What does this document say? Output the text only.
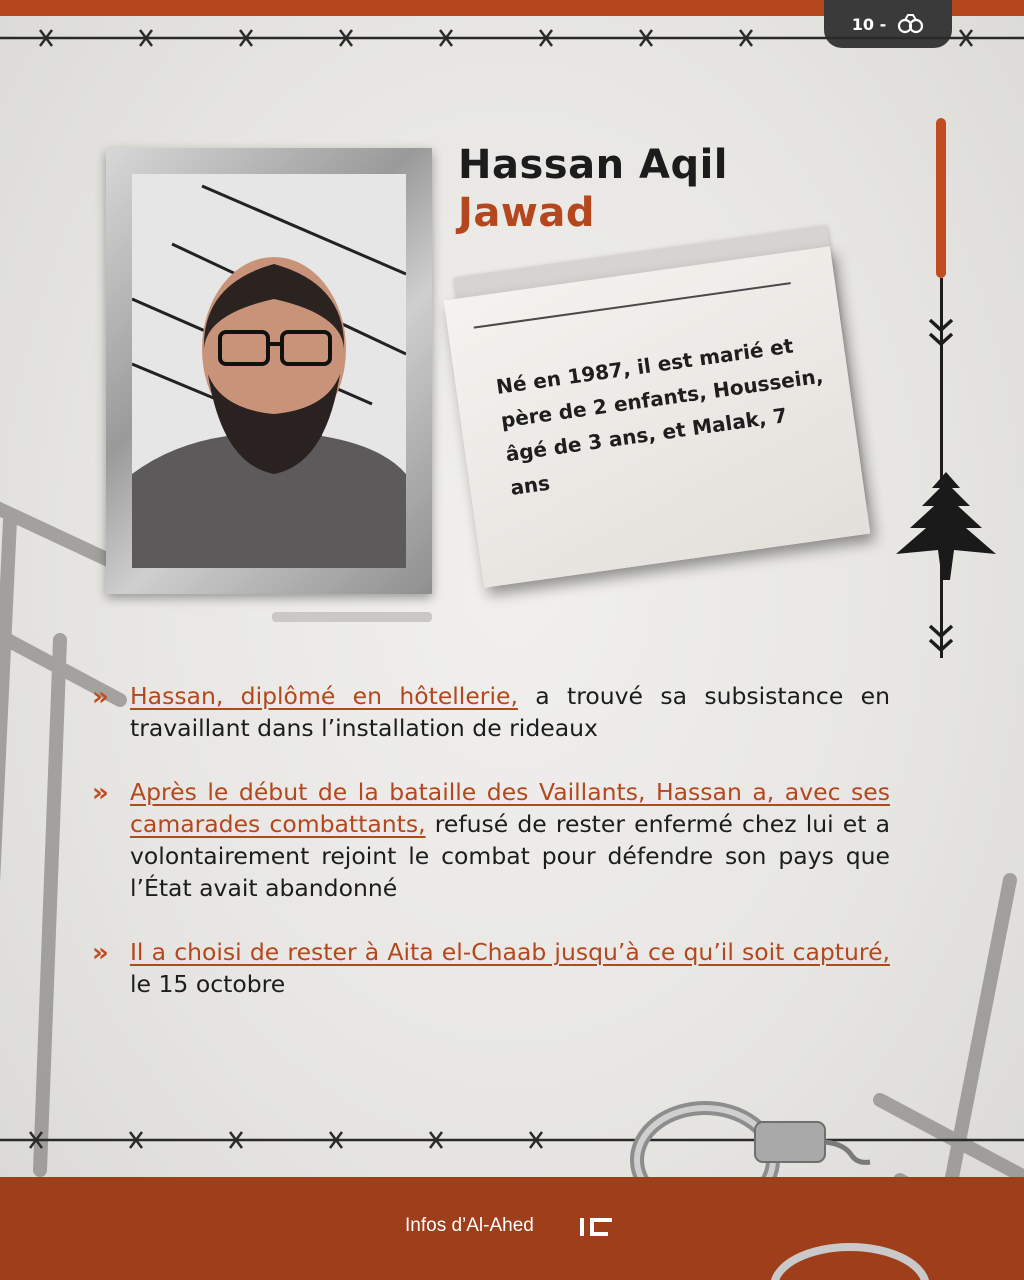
10 -
Hassan Aqil
Jawad
Né en 1987, il est marié et père de 2 enfants, Houssein, âgé de 3 ans, et Malak, 7 ans
» Hassan, diplômé en hôtellerie, a trouvé sa subsistance en travaillant dans l’installation de rideaux
» Après le début de la bataille des Vaillants, Hassan a, avec ses camarades combattants, refusé de rester enfermé chez lui et a volontairement rejoint le combat pour défendre son pays que l’État avait abandonné
» Il a choisi de rester à Aita el-Chaab jusqu’à ce qu’il soit capturé, le 15 octobre
Infos d’Al-Ahed
